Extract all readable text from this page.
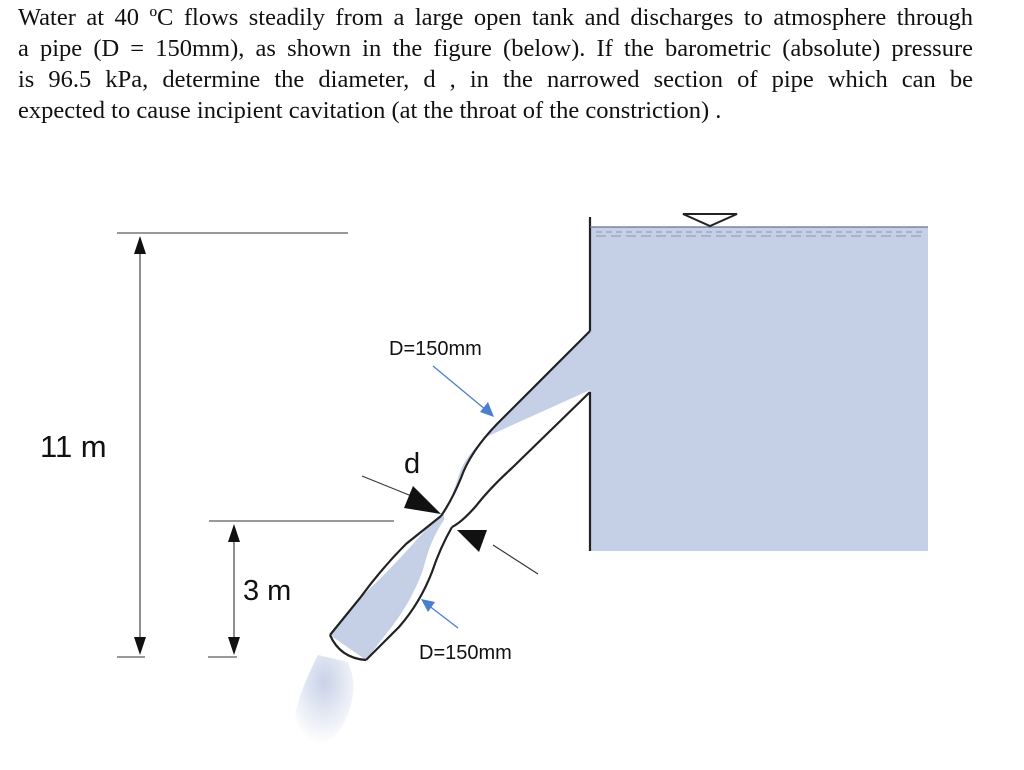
Water at 40 ºC flows steadily from a large open tank and discharges to atmosphere through
a pipe (D = 150mm), as shown in the figure (below). If the barometric (absolute) pressure
is 96.5 kPa, determine the diameter, d , in the narrowed section of pipe which can be
expected to cause incipient cavitation (at the throat of the constriction) .

11 m
3 m
D=150mm
D=150mm
d
